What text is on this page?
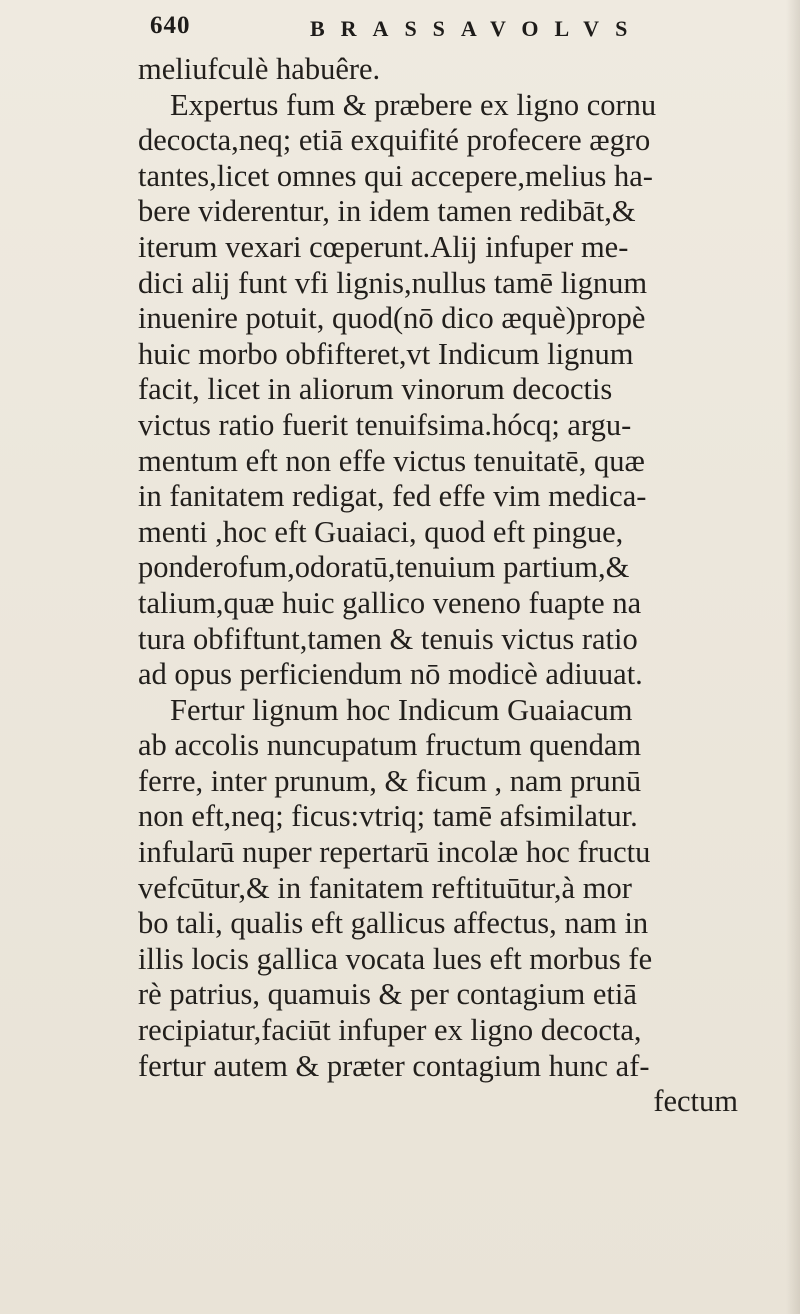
640	BRASSAVOLVS
meliufculè habuêre.
Expertus fum & præbere ex ligno cornu
decocta,neq; etiā exquifité profecere ægro
tantes,licet omnes qui accepere,melius ha-
bere viderentur, in idem tamen redibāt,&
iterum vexari cœperunt.Alij infuper me-
dici alij funt vfi lignis,nullus tamē lignum
inuenire potuit, quod(nō dico æquè)propè
huic morbo obfifteret,vt Indicum lignum
facit, licet in aliorum vinorum decoctis
victus ratio fuerit tenuifsima.hócq; argu-
mentum eft non effe victus tenuitatē, quæ
in fanitatem redigat, fed effe vim medica-
menti ,hoc eft Guaiaci, quod eft pingue,
ponderofum,odoratū,tenuium partium,&
talium,quæ huic gallico veneno fuapte na
tura obfiftunt,tamen & tenuis victus ratio
ad opus perficiendum nō modicè adiuuat.
Fertur lignum hoc Indicum Guaiacum
ab accolis nuncupatum fructum quendam
ferre, inter prunum, & ficum , nam prunū
non eft,neq; ficus:vtriq; tamē afsimilatur.
infularū nuper repertarū incolæ hoc fructu
vefcūtur,& in fanitatem reftituūtur,à mor
bo tali, qualis eft gallicus affectus, nam in
illis locis gallica vocata lues eft morbus fe
rè patrius, quamuis & per contagium etiā
recipiatur,faciūt infuper ex ligno decocta,
fertur autem & præter contagium hunc af-
fectum
